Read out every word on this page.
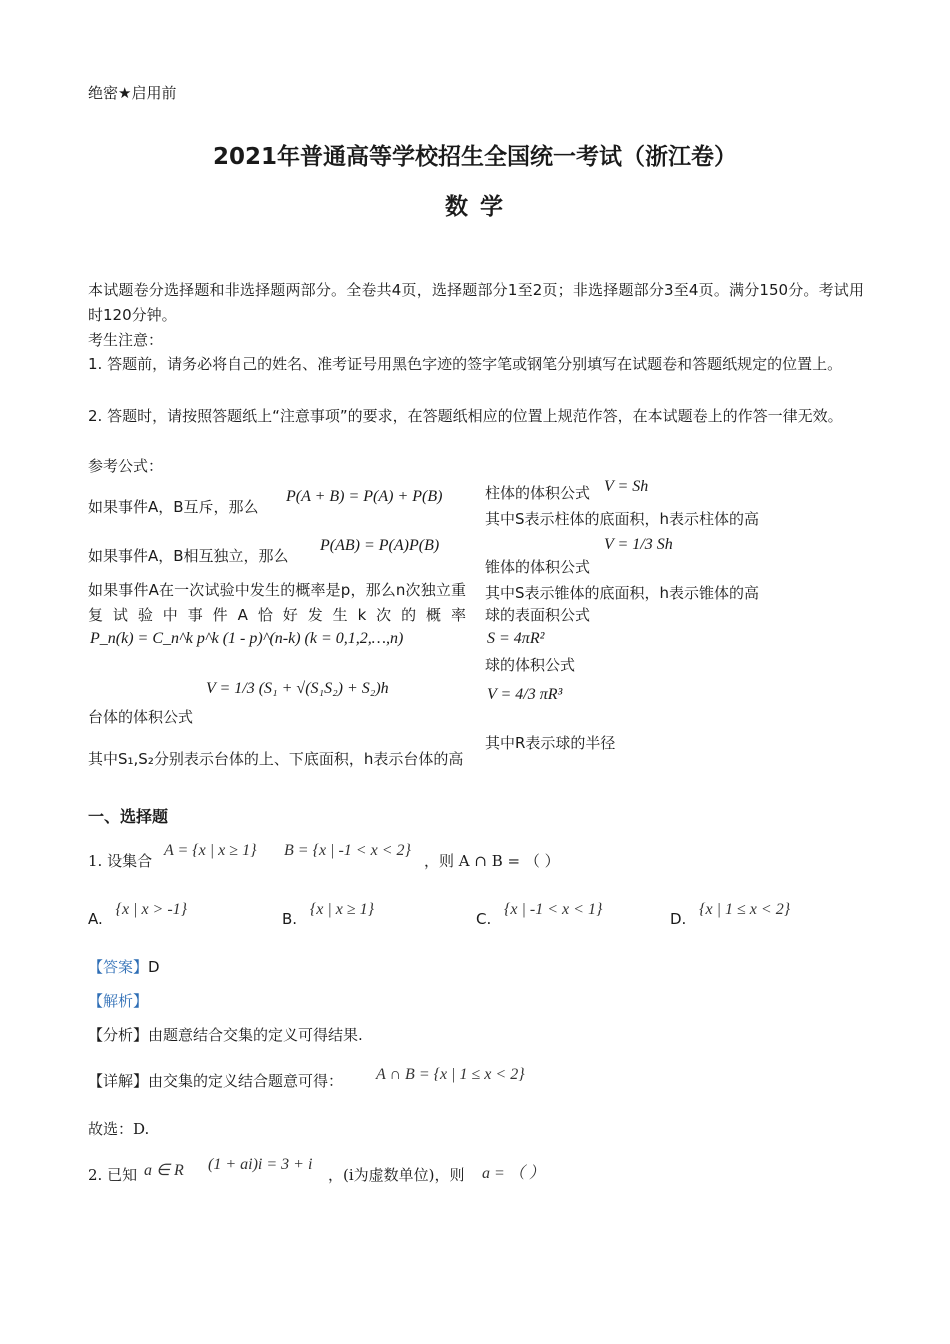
绝密★启用前
2021年普通高等学校招生全国统一考试（浙江卷）
数 学
本试题卷分选择题和非选择题两部分。全卷共4页，选择题部分1至2页；非选择题部分3至4页。满分150分。考试用时120分钟。
考生注意：
1. 答题前，请务必将自己的姓名、准考证号用黑色字迹的签字笔或钢笔分别填写在试题卷和答题纸规定的位置上。
2. 答题时，请按照答题纸上“注意事项”的要求，在答题纸相应的位置上规范作答，在本试题卷上的作答一律无效。
参考公式：
如果事件A，B互斥，那么
P(A + B) = P(A) + P(B)
如果事件A，B相互独立，那么
P(AB) = P(A)P(B)
如果事件A在一次试验中发生的概率是p，那么n次独立重复试验中事件A恰好发生k次的概率
P_n(k) = C_n^k p^k (1 - p)^(n-k) (k = 0,1,2,…,n)
台体的体积公式
V = 1/3 (S₁ + √(S₁S₂) + S₂)h
其中S₁,S₂分别表示台体的上、下底面积，h表示台体的高
柱体的体积公式 V = Sh
其中S表示柱体的底面积，h表示柱体的高
V = 1/3 Sh
锥体的体积公式
其中S表示锥体的底面积，h表示锥体的高
球的表面积公式
S = 4πR²
球的体积公式
V = 4/3 πR³
其中R表示球的半径
一、选择题
1. 设集合
A = {x | x ≥ 1} B = {x | -1 < x < 2}
，则 A ∩ B = （ ）
A. {x | x > -1}
B. {x | x ≥ 1}
C. {x | -1 < x < 1}
D. {x | 1 ≤ x < 2}
【答案】D
【解析】
【分析】由题意结合交集的定义可得结果.
【详解】由交集的定义结合题意可得： A ∩ B = {x | 1 ≤ x < 2}
故选：D.
2. 已知 a ∈ R (1 + ai)i = 3 + i
，(i为虚数单位)，则 a = （ ）
